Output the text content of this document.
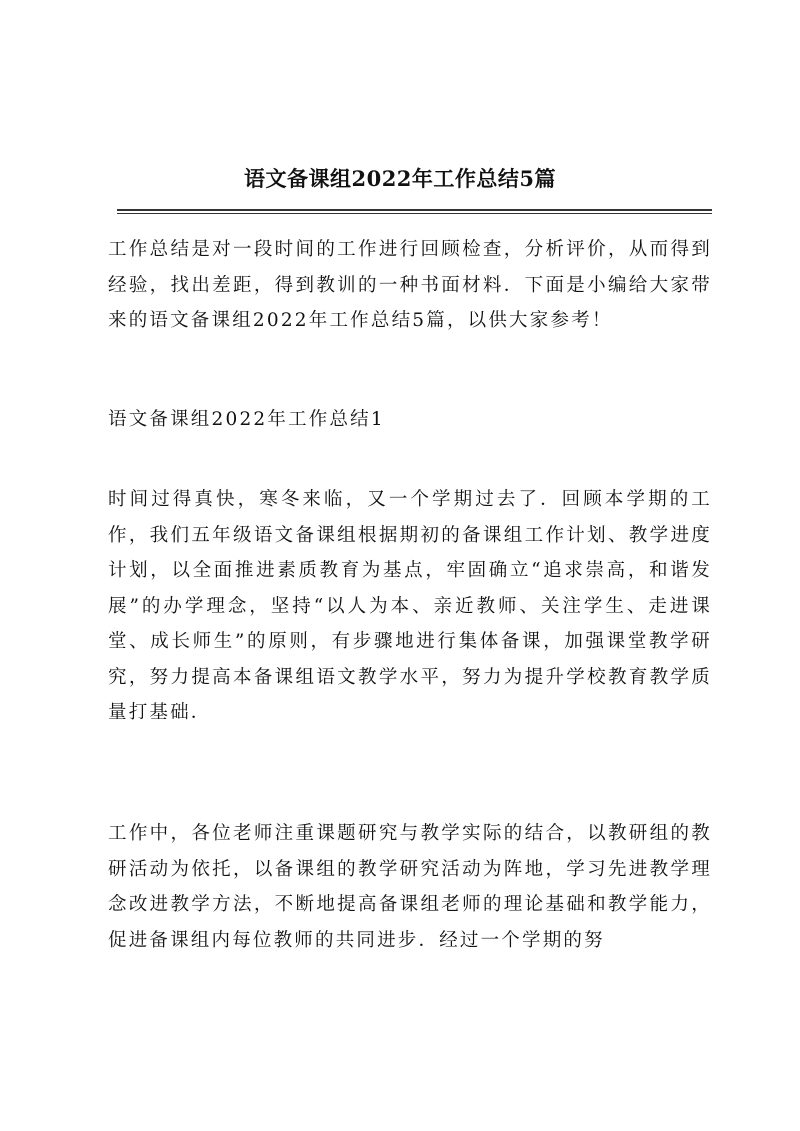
语文备课组2022年工作总结5篇

工作总结是对一段时间的工作进行回顾检查，分析评价，从而得到经验，找出差距，得到教训的一种书面材料．下面是小编给大家带来的语文备课组2022年工作总结5篇，以供大家参考！

语文备课组2022年工作总结1

时间过得真快，寒冬来临，又一个学期过去了．回顾本学期的工作，我们五年级语文备课组根据期初的备课组工作计划、教学进度计划，以全面推进素质教育为基点，牢固确立“追求崇高，和谐发展”的办学理念，坚持“以人为本、亲近教师、关注学生、走进课堂、成长师生”的原则，有步骤地进行集体备课，加强课堂教学研究，努力提高本备课组语文教学水平，努力为提升学校教育教学质量打基础．

工作中，各位老师注重课题研究与教学实际的结合，以教研组的教研活动为依托，以备课组的教学研究活动为阵地，学习先进教学理念改进教学方法，不断地提高备课组老师的理论基础和教学能力，促进备课组内每位教师的共同进步．经过一个学期的努
